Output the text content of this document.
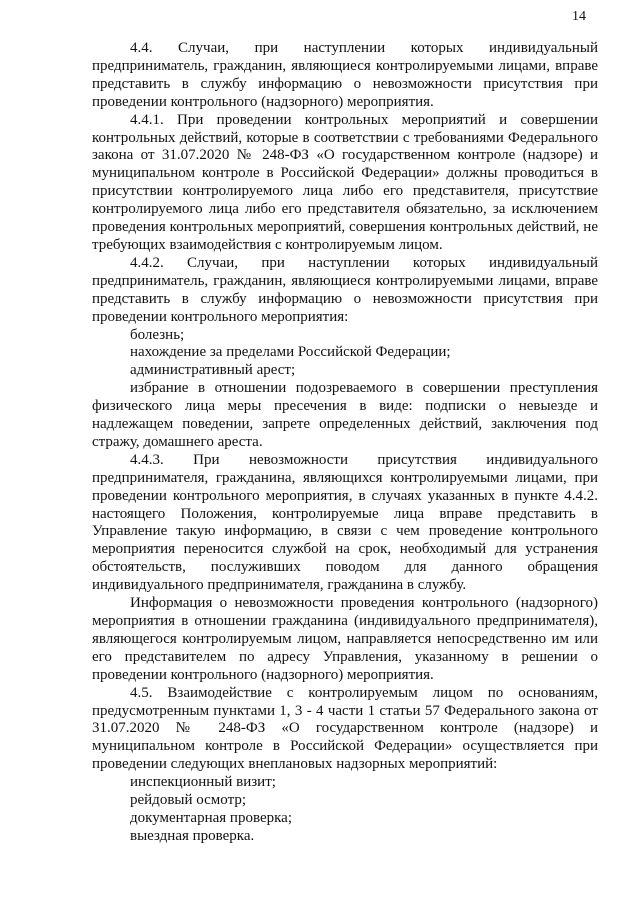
14

4.4. Случаи, при наступлении которых индивидуальный предприниматель, гражданин, являющиеся контролируемыми лицами, вправе представить в службу информацию о невозможности присутствия при проведении контрольного (надзорного) мероприятия.

4.4.1. При проведении контрольных мероприятий и совершении контрольных действий, которые в соответствии с требованиями Федерального закона от 31.07.2020 № 248-ФЗ «О государственном контроле (надзоре) и муниципальном контроле в Российской Федерации» должны проводиться в присутствии контролируемого лица либо его представителя, присутствие контролируемого лица либо его представителя обязательно, за исключением проведения контрольных мероприятий, совершения контрольных действий, не требующих взаимодействия с контролируемым лицом.

4.4.2. Случаи, при наступлении которых индивидуальный предприниматель, гражданин, являющиеся контролируемыми лицами, вправе представить в службу информацию о невозможности присутствия при проведении контрольного мероприятия:

болезнь;

нахождение за пределами Российской Федерации;

административный арест;

избрание в отношении подозреваемого в совершении преступления физического лица меры пресечения в виде: подписки о невыезде и надлежащем поведении, запрете определенных действий, заключения под стражу, домашнего ареста.

4.4.3. При невозможности присутствия индивидуального предпринимателя, гражданина, являющихся контролируемыми лицами, при проведении контрольного мероприятия, в случаях указанных в пункте 4.4.2. настоящего Положения, контролируемые лица вправе представить в Управление такую информацию, в связи с чем проведение контрольного мероприятия переносится службой на срок, необходимый для устранения обстоятельств, послуживших поводом для данного обращения индивидуального предпринимателя, гражданина в службу.

Информация о невозможности проведения контрольного (надзорного) мероприятия в отношении гражданина (индивидуального предпринимателя), являющегося контролируемым лицом, направляется непосредственно им или его представителем по адресу Управления, указанному в решении о проведении контрольного (надзорного) мероприятия.

4.5. Взаимодействие с контролируемым лицом по основаниям, предусмотренным пунктами 1, 3 - 4 части 1 статьи 57 Федерального закона от 31.07.2020 № 248-ФЗ «О государственном контроле (надзоре) и муниципальном контроле в Российской Федерации» осуществляется при проведении следующих внеплановых надзорных мероприятий:

инспекционный визит;

рейдовый осмотр;

документарная проверка;

выездная проверка.
